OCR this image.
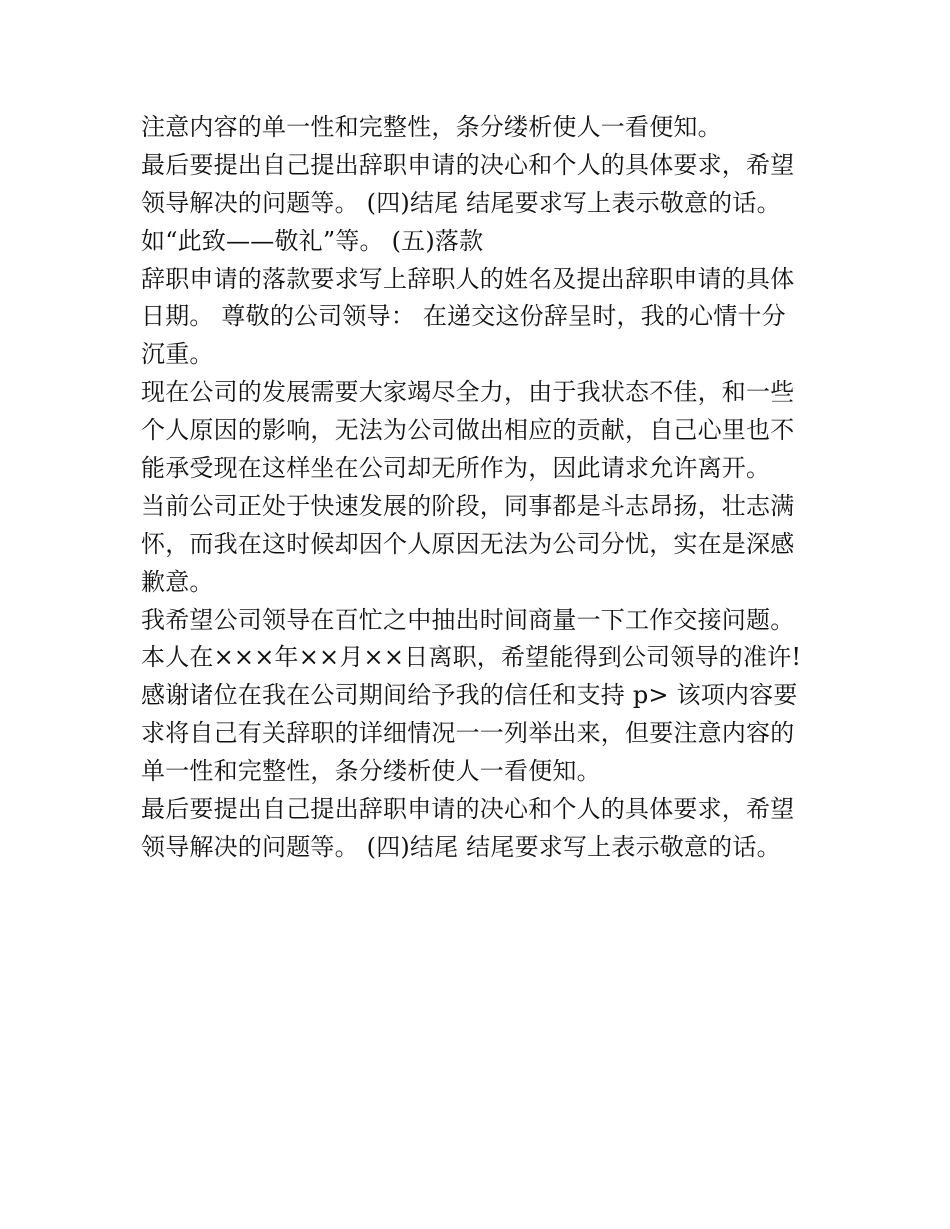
注意内容的单一性和完整性，条分缕析使人一看便知。
最后要提出自己提出辞职申请的决心和个人的具体要求，希望
领导解决的问题等。 (四)结尾 结尾要求写上表示敬意的话。
如“此致——敬礼”等。 (五)落款
辞职申请的落款要求写上辞职人的姓名及提出辞职申请的具体
日期。 尊敬的公司领导： 在递交这份辞呈时，我的心情十分
沉重。
现在公司的发展需要大家竭尽全力，由于我状态不佳，和一些
个人原因的影响，无法为公司做出相应的贡献，自己心里也不
能承受现在这样坐在公司却无所作为，因此请求允许离开。
当前公司正处于快速发展的阶段，同事都是斗志昂扬，壮志满
怀，而我在这时候却因个人原因无法为公司分忧，实在是深感
歉意。
我希望公司领导在百忙之中抽出时间商量一下工作交接问题。
本人在×××年××月××日离职，希望能得到公司领导的准许!
感谢诸位在我在公司期间给予我的信任和支持 p> 该项内容要
求将自己有关辞职的详细情况一一列举出来，但要注意内容的
单一性和完整性，条分缕析使人一看便知。
最后要提出自己提出辞职申请的决心和个人的具体要求，希望
领导解决的问题等。 (四)结尾 结尾要求写上表示敬意的话。
